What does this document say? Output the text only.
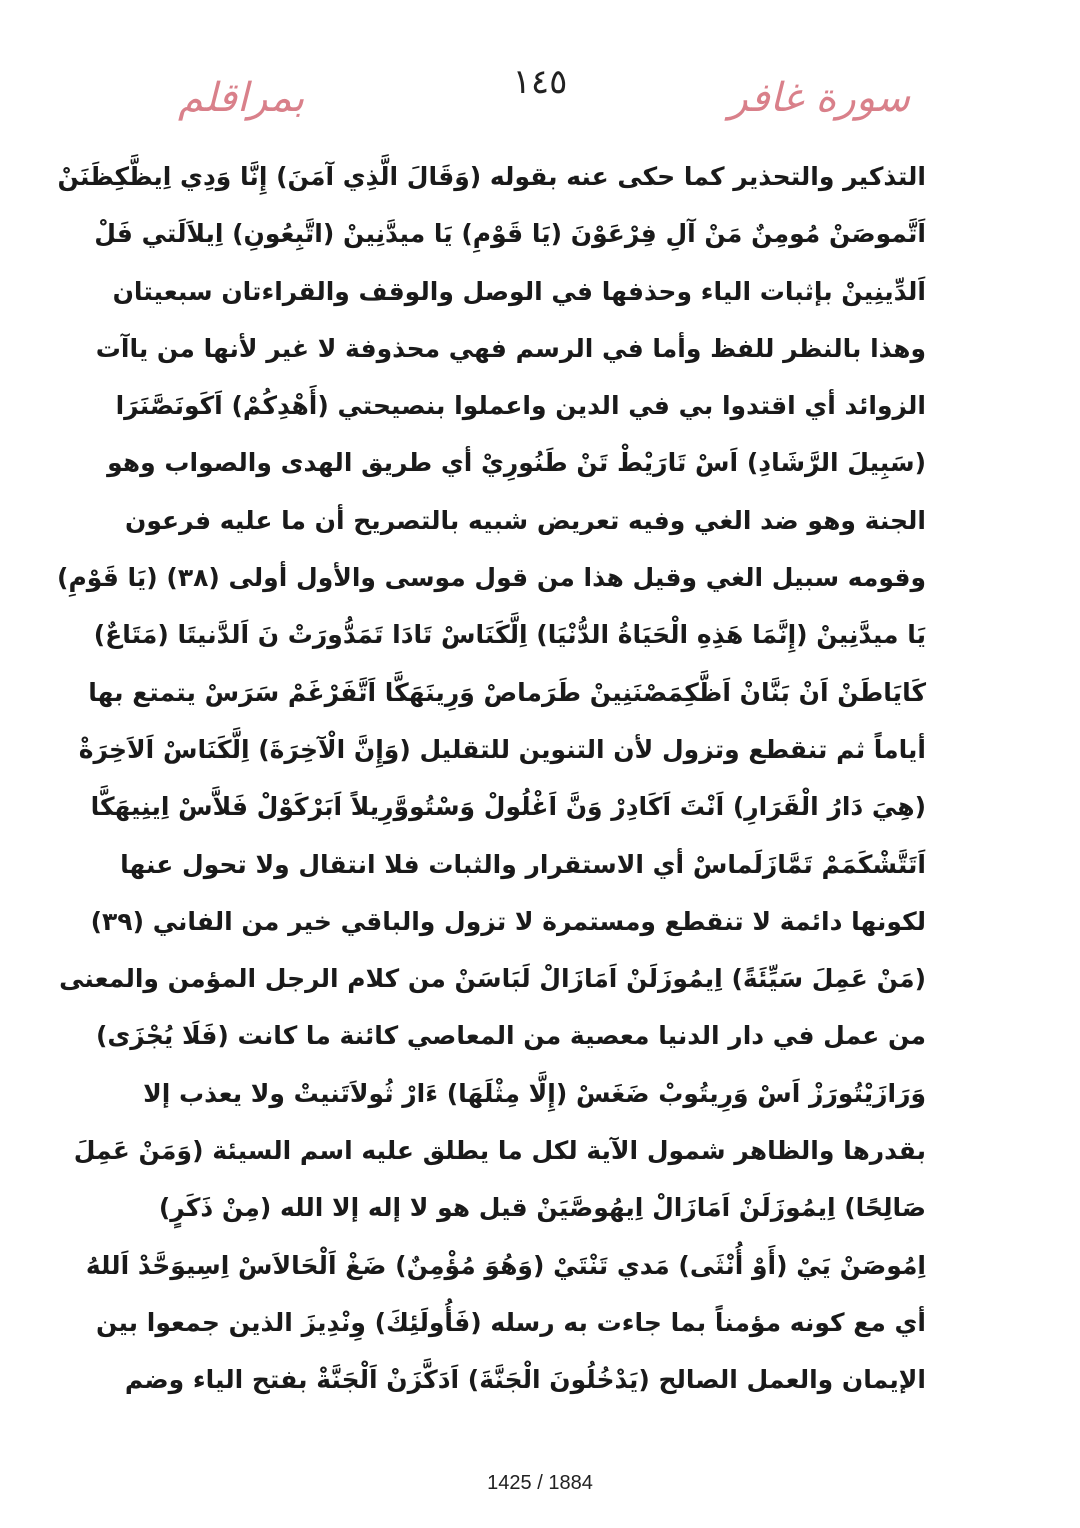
بمراقلم	١٤٥	سورة غافر
التذكير والتحذير كما حكى عنه بقوله (وَقَالَ الَّذِي آمَنَ) إِنَّا وَدِي اِيظَّكِظَنَنْ
اَتَّموصَنْ مُومِنٌ مَنْ آلِ فِرْعَوْنَ (يَا قَوْمِ) يَا ميدَّنِينْ (اتَّبِعُونِ) اِيلاَلَتي فَلْ
اَلدِّينِينْ بإثبات الياء وحذفها في الوصل والوقف والقراءتان سبعيتان
وهذا بالنظر للفظ وأما في الرسم فهي محذوفة لا غير لأنها من ياآت
الزوائد أي اقتدوا بي في الدين واعملوا بنصيحتي (أَهْدِكُمْ) اَكَونَصَّنَرَا
(سَبِيلَ الرَّشَادِ) اَسْ تَارَيْطْ تَنْ طَنُورِيْ أي طريق الهدى والصواب وهو
الجنة وهو ضد الغي وفيه تعريض شبيه بالتصريح أن ما عليه فرعون
وقومه سبيل الغي وقيل هذا من قول موسى والأول أولى (٣٨) (يَا قَوْمِ)
يَا ميدَّنِينْ (إِنَّمَا هَذِهِ الْحَيَاةُ الدُّنْيَا) اِلَّكَنَاسْ تَادَا تَمَدُّورَتْ نَ اَلدَّنيتَا (مَتَاعٌ)
كَايَاطَنْ اَنْ بَنَّانْ اَظَّكِمَصْنَنِينْ طَرَماصْ وَرِينَهَكَّا اَتَّفَرْغَمْ سَرَسْ يتمتع بها
أياماً ثم تنقطع وتزول لأن التنوين للتقليل (وَإِنَّ الْآخِرَةَ) اِلَّكَنَاسْ اَلاَخِرَةْ
(هِيَ دَارُ الْقَرَارِ) اَنْتَ اَكَادِرْ وَنَّ اَغْلُولْ وَسْتُووَّرِيلاً اَبَرْكَوْلْ فَلاَّسْ اِينِيهَكَّا
اَتَتَّشْكَمَمْ تَمَّازَلَماسْ أي الاستقرار والثبات فلا انتقال ولا تحول عنها
لكونها دائمة لا تنقطع ومستمرة لا تزول والباقي خير من الفاني (٣٩)
(مَنْ عَمِلَ سَيِّئَةً) اِيمُوزَلَنْ اَمَازَالْ لَبَاسَنْ من كلام الرجل المؤمن والمعنى
من عمل في دار الدنيا معصية من المعاصي كائنة ما كانت (فَلَا يُجْزَى)
وَرَازَيْتُورَزْ اَسْ وَرِيتُوبْ ضَغَسْ (إِلَّا مِثْلَهَا) ءَارْ ثُولاَتَنيتْ ولا يعذب إلا
بقدرها والظاهر شمول الآية لكل ما يطلق عليه اسم السيئة (وَمَنْ عَمِلَ
صَالِحًا) اِيمُوزَلَنْ اَمَازَالْ اِيهُوصَّيَنْ قيل هو لا إله إلا الله (مِنْ ذَكَرٍ)
اِمُوصَنْ يَيْ (أَوْ أُنْثَى) مَدي تَنْتَيْ (وَهُوَ مُؤْمِنٌ) ضَغْ اَلْحَالاَسْ اِسِيوَحَّدْ اَللهُ
أي مع كونه مؤمناً بما جاءت به رسله (فَأُولَئِكَ) وِنْدِيزَ الذين جمعوا بين
الإيمان والعمل الصالح (يَدْخُلُونَ الْجَنَّةَ) اَدَكَّزَنْ اَلْجَنَّةْ بفتح الياء وضم
1425 / 1884
